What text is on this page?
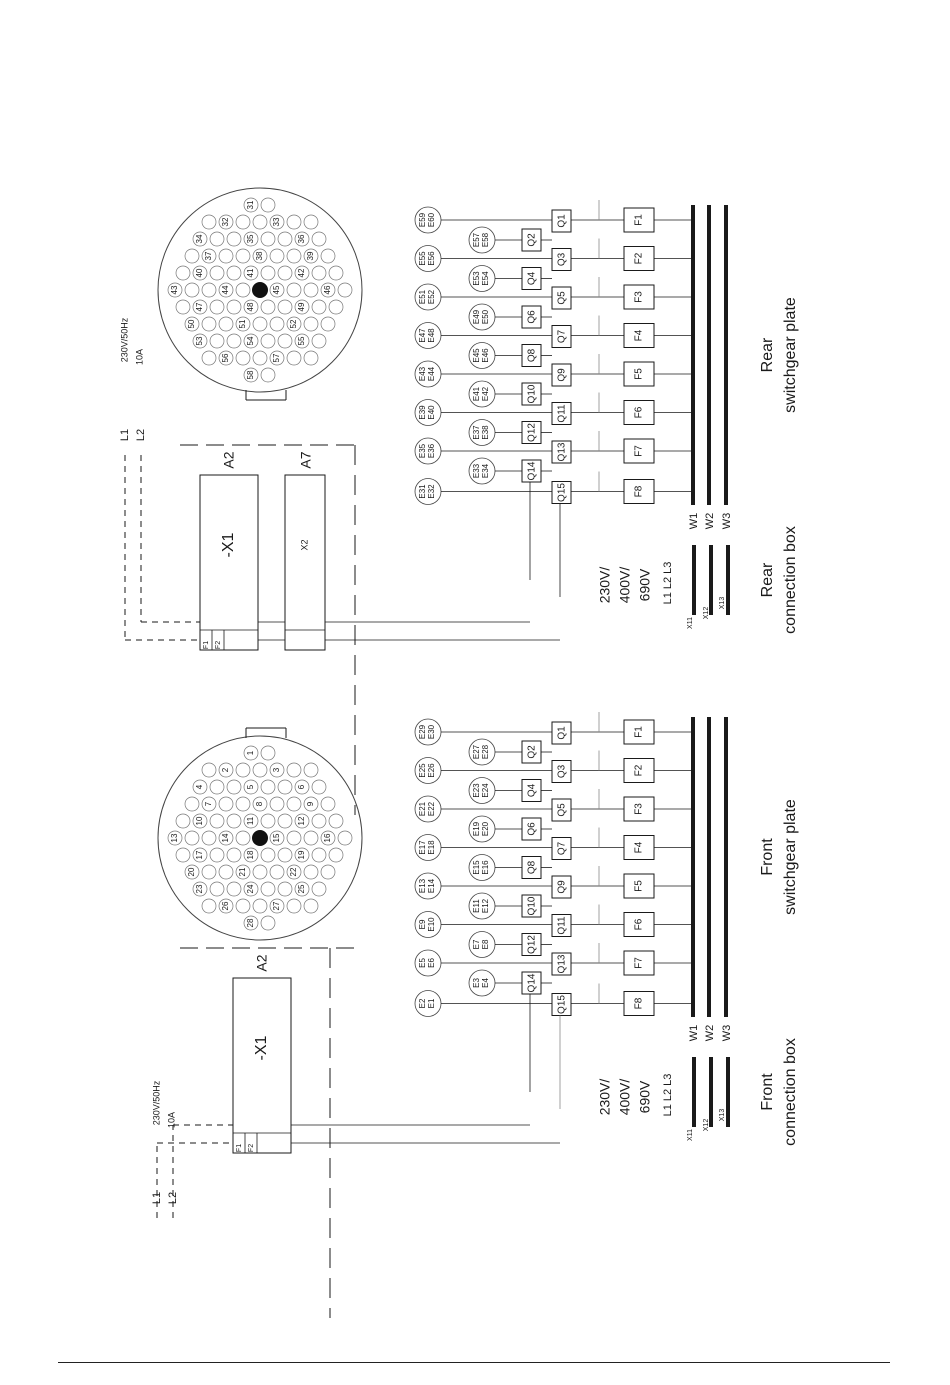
W1 W2 W3
E29 E30	Q1	F1
E25 E26	Q3	F2
E21 E22	Q5	F3
E17 E18	Q7	F4
E13 E14	Q9	F5
E9 E10	Q11	F6
E5 E6	Q13	F7
E2 E1	Q15	F8
E27 E28	Q2
E23 E24	Q4
E19 E20	Q6
E15 E16	Q8
E11 E12	Q10
E7 E8	Q12
E3 E4	Q14
230V/ 400V/ 690V L1 L2 L3
X11
X12
X13
Front connection box
Front switchgear plate
1
2	3
4	5	6
7	8	9
10	11	12
13	14	15	16
17	18	19
20	21	22
23	24	25
26	27
28
-X1
A2
F1 F2
L1 L2
230V/50Hz 10A
W1 W2 W3
E59 E60	Q1	F1
E55 E56	Q3	F2
E51 E52	Q5	F3
E47 E48	Q7	F4
E43 E44	Q9	F5
E39 E40	Q11	F6
E35 E36	Q13	F7
E31 E32	Q15	F8
E57 E58	Q2
E53 E54	Q4
E49 E50	Q6
E45 E46	Q8
E41 E42	Q10
E37 E38	Q12
E33 E34	Q14
230V/ 400V/ 690V L1 L2 L3
X11
X12
X13
Rear connection box
Rear switchgear plate
31
32	33
34	35	36
37	38	39
40	41	42
43	44	45	46
47	48	49
50	51	52
53	54	55
56	57
58
-X1
A2
F1 F2
L1 L2
230V/50Hz 10A
X2
A7
